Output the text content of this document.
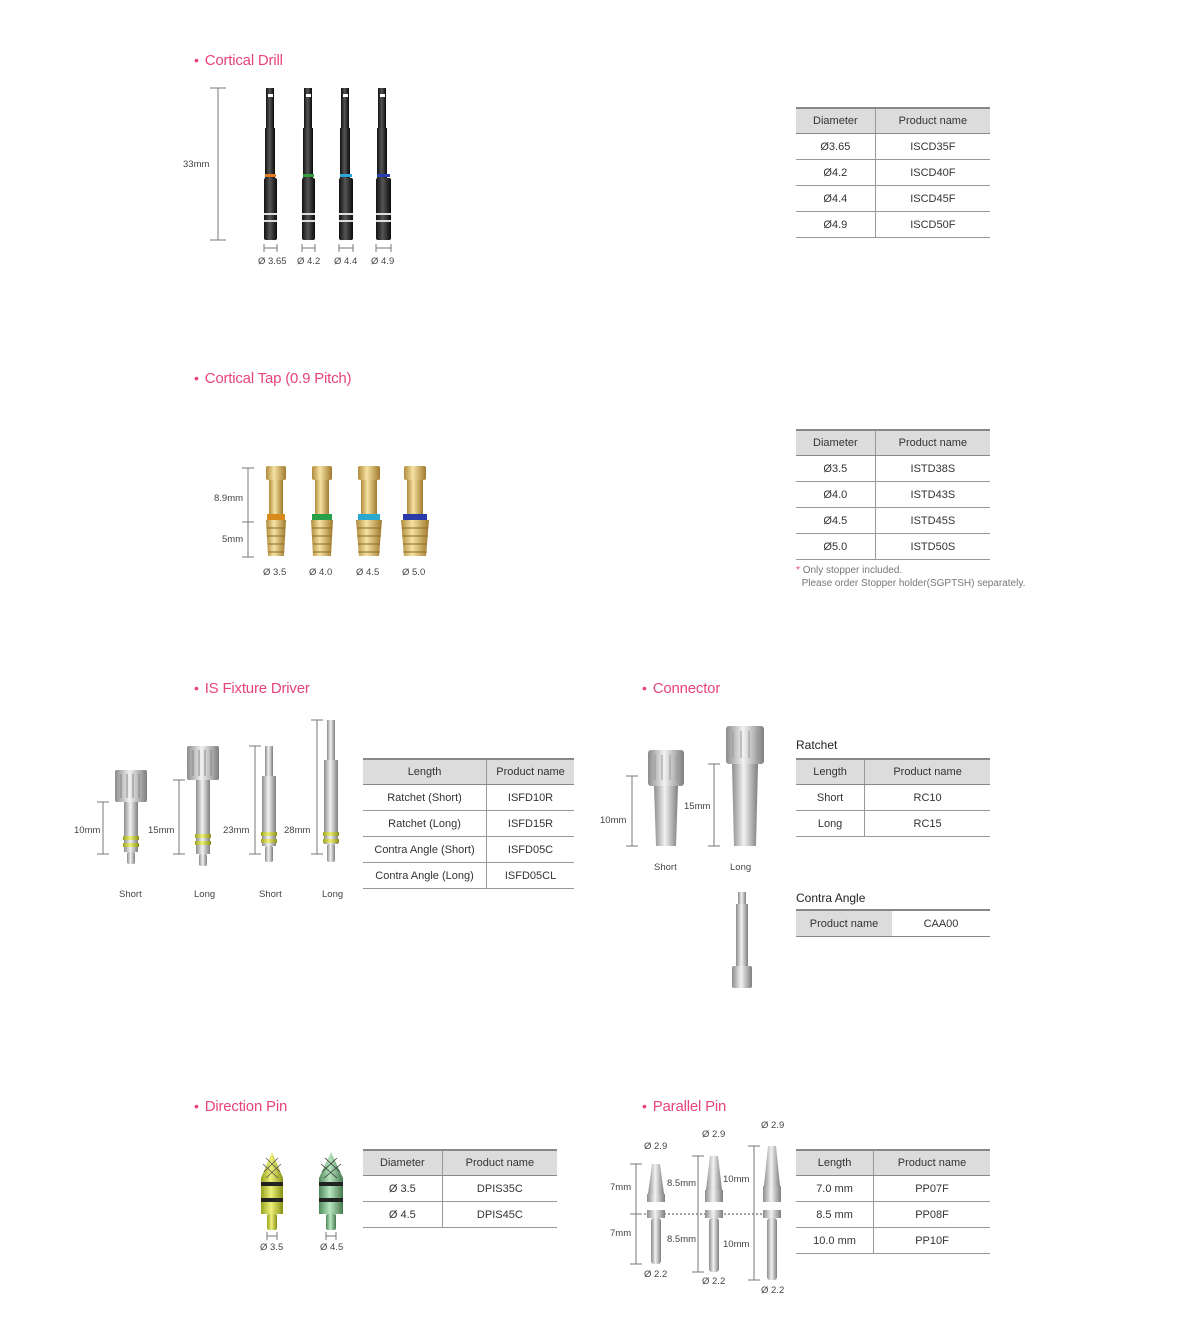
• Cortical Drill
33mm
Ø 3.65 Ø 4.2 Ø 4.4 Ø 4.9
Diameter	Product name
Ø3.65	ISCD35F
Ø4.2	ISCD40F
Ø4.4	ISCD45F
Ø4.9	ISCD50F
• Cortical Tap (0.9 Pitch)
8.9mm
5mm
Ø 3.5 Ø 4.0	Ø 4.5 Ø 5.0
Diameter	Product name
Ø3.5	ISTD38S
Ø4.0	ISTD43S
Ø4.5	ISTD45S
Ø5.0	ISTD50S
* Only stopper included.
Please order Stopper holder(SGPTSH) separately.
• IS Fixture Driver
10mm	15mm	23mm	28mm
Short	Long	Short	Long
Length	Product name
Ratchet (Short)	ISFD10R
Ratchet (Long)	ISFD15R
Contra Angle (Short)	ISFD05C
Contra Angle (Long)	ISFD05CL
• Connector
10mm
15mm
Short	Long
Ratchet
Length	Product name
Short	RC10
Long	RC15
Contra Angle
Product name	CAA00
• Direction Pin
Ø 3.5	Ø 4.5
Diameter	Product name
Ø 3.5	DPIS35C
Ø 4.5	DPIS45C
• Parallel Pin
Ø 2.9
Ø 2.9
Ø 2.9
7mm	8.5mm	10mm
7mm
8.5mm	10mm
Ø 2.2
Ø 2.2
Ø 2.2
Length	Product name
7.0 mm	PP07F
8.5 mm	PP08F
10.0 mm	PP10F
